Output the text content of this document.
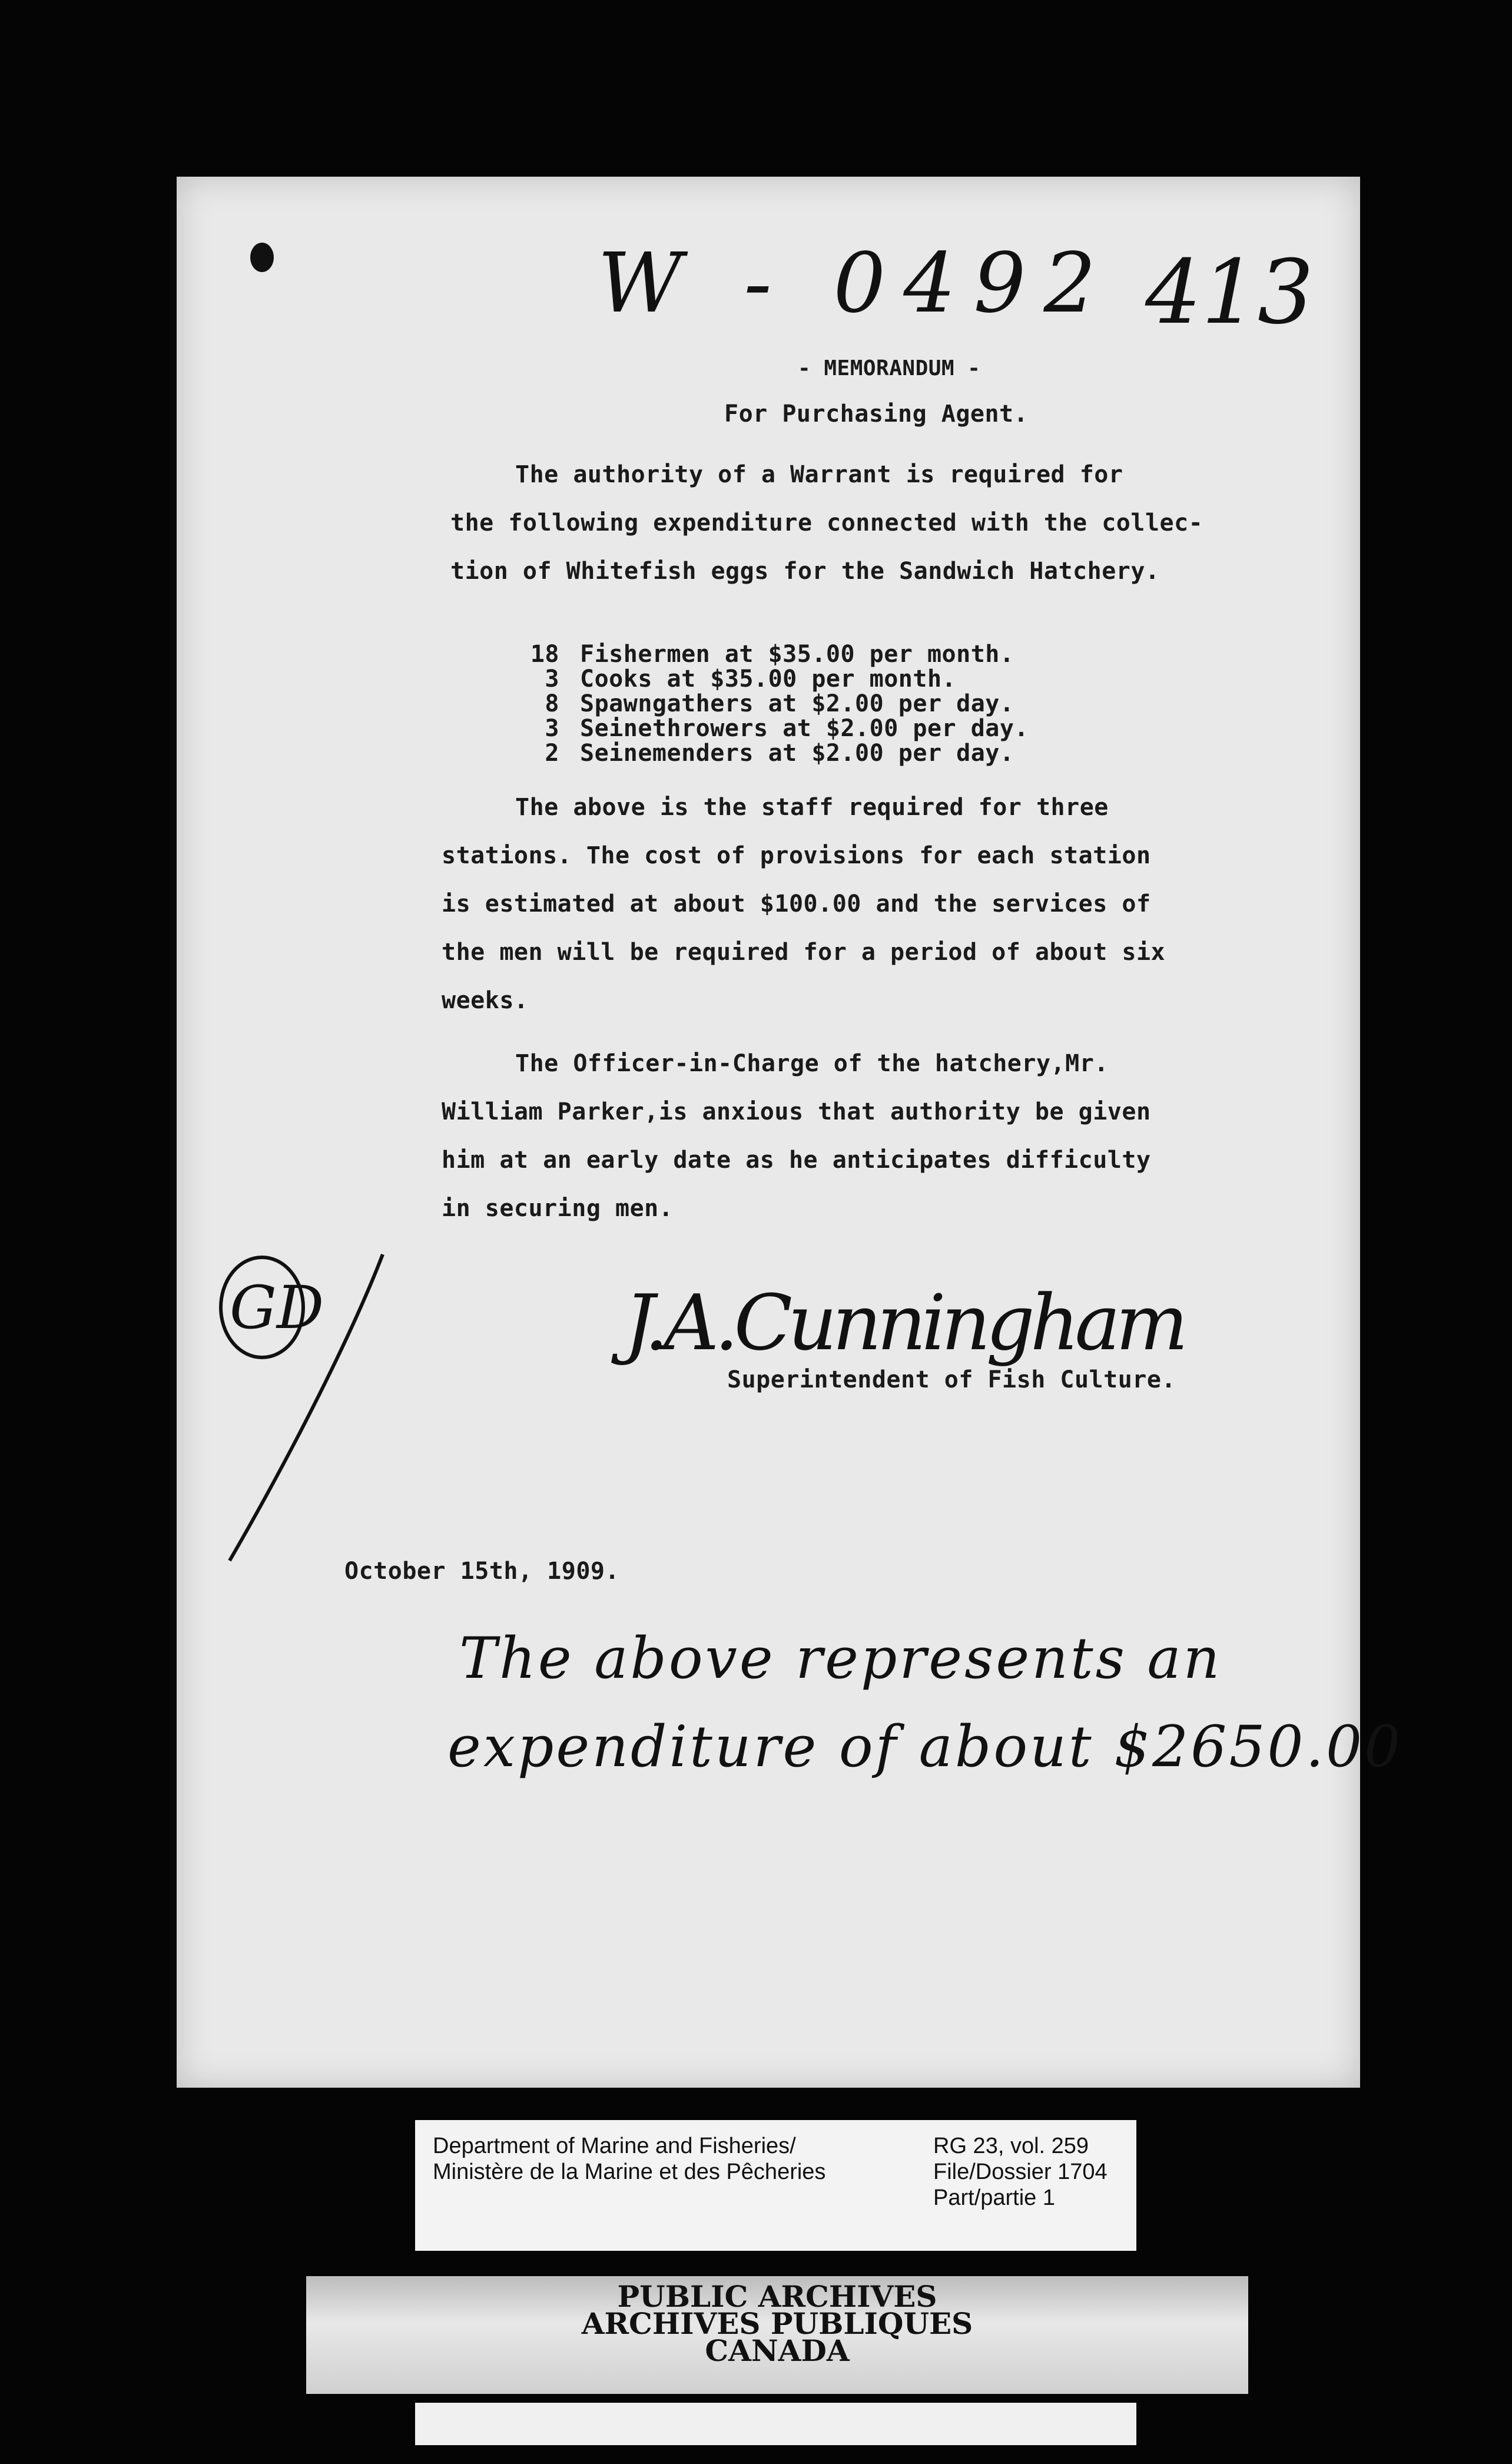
W - 0492 413
- MEMORANDUM -
For Purchasing Agent.
The authority of a Warrant is required for
the following expenditure connected with the collec-
tion of Whitefish eggs for the Sandwich Hatchery.
18 Fishermen at $35.00 per month.
3 Cooks at $35.00 per month.
8 Spawngathers at $2.00 per day.
3 Seinethrowers at $2.00 per day.
2 Seinemenders at $2.00 per day.
The above is the staff required for three
stations. The cost of provisions for each station
is estimated at about $100.00 and the services of
the men will be required for a period of about six
weeks.
The Officer-in-Charge of the hatchery,Mr.
William Parker,is anxious that authority be given
him at an early date as he anticipates difficulty
in securing men.
J.A.Cunningham
Superintendent of Fish Culture.
GD
October 15th, 1909.
The above represents an
expenditure of about $2650.00
Department of Marine and Fisheries/
Ministère de la Marine et des Pêcheries
RG 23, vol. 259
File/Dossier 1704
Part/partie 1
PUBLIC ARCHIVES
ARCHIVES PUBLIQUES
CANADA
